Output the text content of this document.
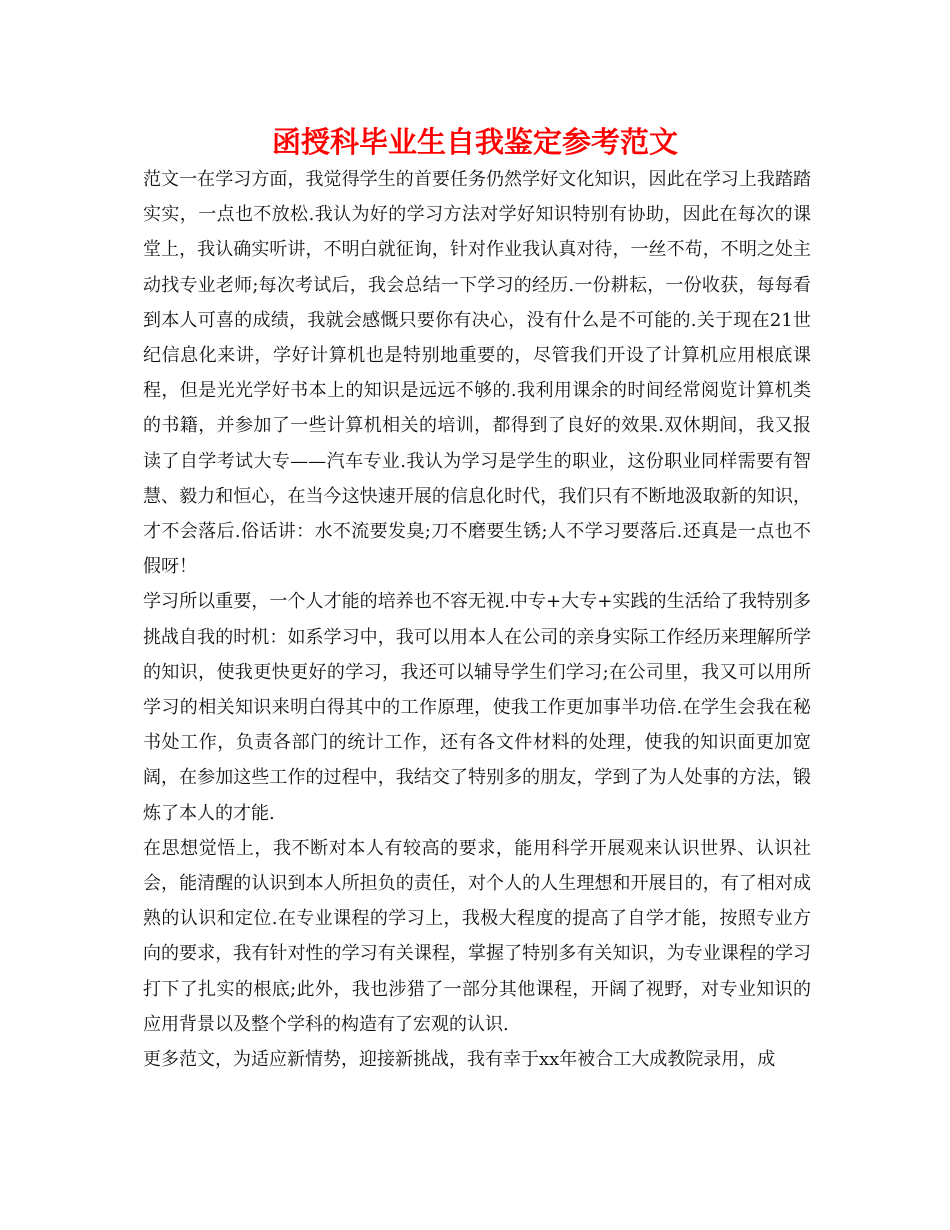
函授科毕业生自我鉴定参考范文

范文一在学习方面，我觉得学生的首要任务仍然学好文化知识，因此在学习上我踏踏实实，一点也不放松.我认为好的学习方法对学好知识特别有协助，因此在每次的课堂上，我认确实听讲，不明白就征询，针对作业我认真对待，一丝不苟，不明之处主动找专业老师;每次考试后，我会总结一下学习的经历.一份耕耘，一份收获，每每看到本人可喜的成绩，我就会感慨只要你有决心，没有什么是不可能的.关于现在21世纪信息化来讲，学好计算机也是特别地重要的，尽管我们开设了计算机应用根底课程，但是光光学好书本上的知识是远远不够的.我利用课余的时间经常阅览计算机类的书籍，并参加了一些计算机相关的培训，都得到了良好的效果.双休期间，我又报读了自学考试大专——汽车专业.我认为学习是学生的职业，这份职业同样需要有智慧、毅力和恒心，在当今这快速开展的信息化时代，我们只有不断地汲取新的知识，才不会落后.俗话讲：水不流要发臭;刀不磨要生锈;人不学习要落后.还真是一点也不假呀！

学习所以重要，一个人才能的培养也不容无视.中专+大专+实践的生活给了我特别多挑战自我的时机：如系学习中，我可以用本人在公司的亲身实际工作经历来理解所学的知识，使我更快更好的学习，我还可以辅导学生们学习;在公司里，我又可以用所学习的相关知识来明白得其中的工作原理，使我工作更加事半功倍.在学生会我在秘书处工作，负责各部门的统计工作，还有各文件材料的处理，使我的知识面更加宽阔，在参加这些工作的过程中，我结交了特别多的朋友，学到了为人处事的方法，锻炼了本人的才能.

在思想觉悟上，我不断对本人有较高的要求，能用科学开展观来认识世界、认识社会，能清醒的认识到本人所担负的责任，对个人的人生理想和开展目的，有了相对成熟的认识和定位.在专业课程的学习上，我极大程度的提高了自学才能，按照专业方向的要求，我有针对性的学习有关课程，掌握了特别多有关知识，为专业课程的学习打下了扎实的根底;此外，我也涉猎了一部分其他课程，开阔了视野，对专业知识的应用背景以及整个学科的构造有了宏观的认识.

更多范文，为适应新情势，迎接新挑战，我有幸于xx年被合工大成教院录用，成
